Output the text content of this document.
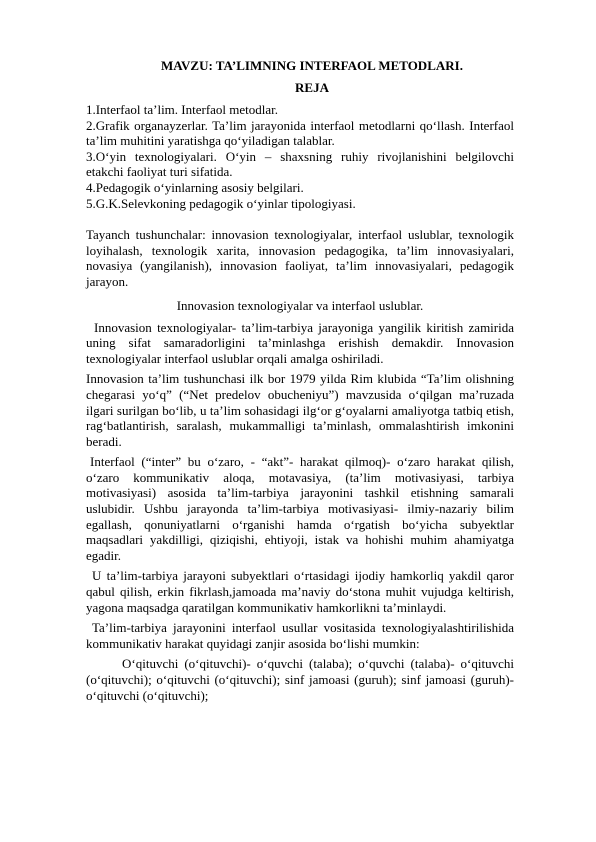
MAVZU: TA’LIMNING INTERFAOL METODLARI.
REJA
1.Interfaol ta’lim. Interfaol metodlar.
2.Grafik organayzerlar. Ta’lim jarayonida interfaol metodlarni qo‘llash. Interfaol ta’lim muhitini yaratishga qo‘yiladigan talablar.
3.O‘yin texnologiyalari. O‘yin – shaxsning ruhiy rivojlanishini belgilovchi etakchi faoliyat turi sifatida.
4.Pedagogik o‘yinlarning asosiy belgilari.
5.G.K.Selevkoning pedagogik o‘yinlar tipologiyasi.
Tayanch tushunchalar: innovasion texnologiyalar, interfaol uslublar, texnologik loyihalash, texnologik xarita, innovasion pedagogika, ta’lim innovasiyalari, novasiya (yangilanish), innovasion faoliyat, ta’lim innovasiyalari, pedagogik jarayon.
Innovasion texnologiyalar va interfaol uslublar.
Innovasion texnologiyalar- ta’lim-tarbiya jarayoniga yangilik kiritish zamirida uning sifat samaradorligini ta’minlashga erishish demakdir. Innovasion texnologiyalar interfaol uslublar orqali amalga oshiriladi.
Innovasion ta’lim tushunchasi ilk bor 1979 yilda Rim klubida “Ta’lim olishning chegarasi yo‘q” (“Net predelov obucheniyu”) mavzusida o‘qilgan ma’ruzada ilgari surilgan bo‘lib, u ta’lim sohasidagi ilg‘or g‘oyalarni amaliyotga tatbiq etish, rag‘batlantirish, saralash, mukammalligi ta’minlash, ommalashtirish imkonini beradi.
Interfaol (“inter” bu o‘zaro, - “akt”- harakat qilmoq)- o‘zaro harakat qilish, o‘zaro kommunikativ aloqa, motavasiya, (ta’lim motivasiyasi, tarbiya motivasiyasi) asosida ta’lim-tarbiya jarayonini tashkil etishning samarali uslubidir. Ushbu jarayonda ta’lim-tarbiya motivasiyasi- ilmiy-nazariy bilim egallash, qonuniyatlarni o‘rganishi hamda o‘rgatish bo‘yicha subyektlar maqsadlari yakdilligi, qiziqishi, ehtiyoji, istak va hohishi muhim ahamiyatga egadir.
U ta’lim-tarbiya jarayoni subyektlari o‘rtasidagi ijodiy hamkorliq yakdil qaror qabul qilish, erkin fikrlash,jamoada ma’naviy do‘stona muhit vujudga keltirish, yagona maqsadga qaratilgan kommunikativ hamkorlikni ta’minlaydi.
Ta’lim-tarbiya jarayonini interfaol usullar vositasida texnologiyalashtirilishida kommunikativ harakat quyidagi zanjir asosida bo‘lishi mumkin:
O‘qituvchi (o‘qituvchi)- o‘quvchi (talaba); o‘quvchi (talaba)- o‘qituvchi (o‘qituvchi); o‘qituvchi (o‘qituvchi); sinf jamoasi (guruh); sinf jamoasi (guruh)- o‘qituvchi (o‘qituvchi);
